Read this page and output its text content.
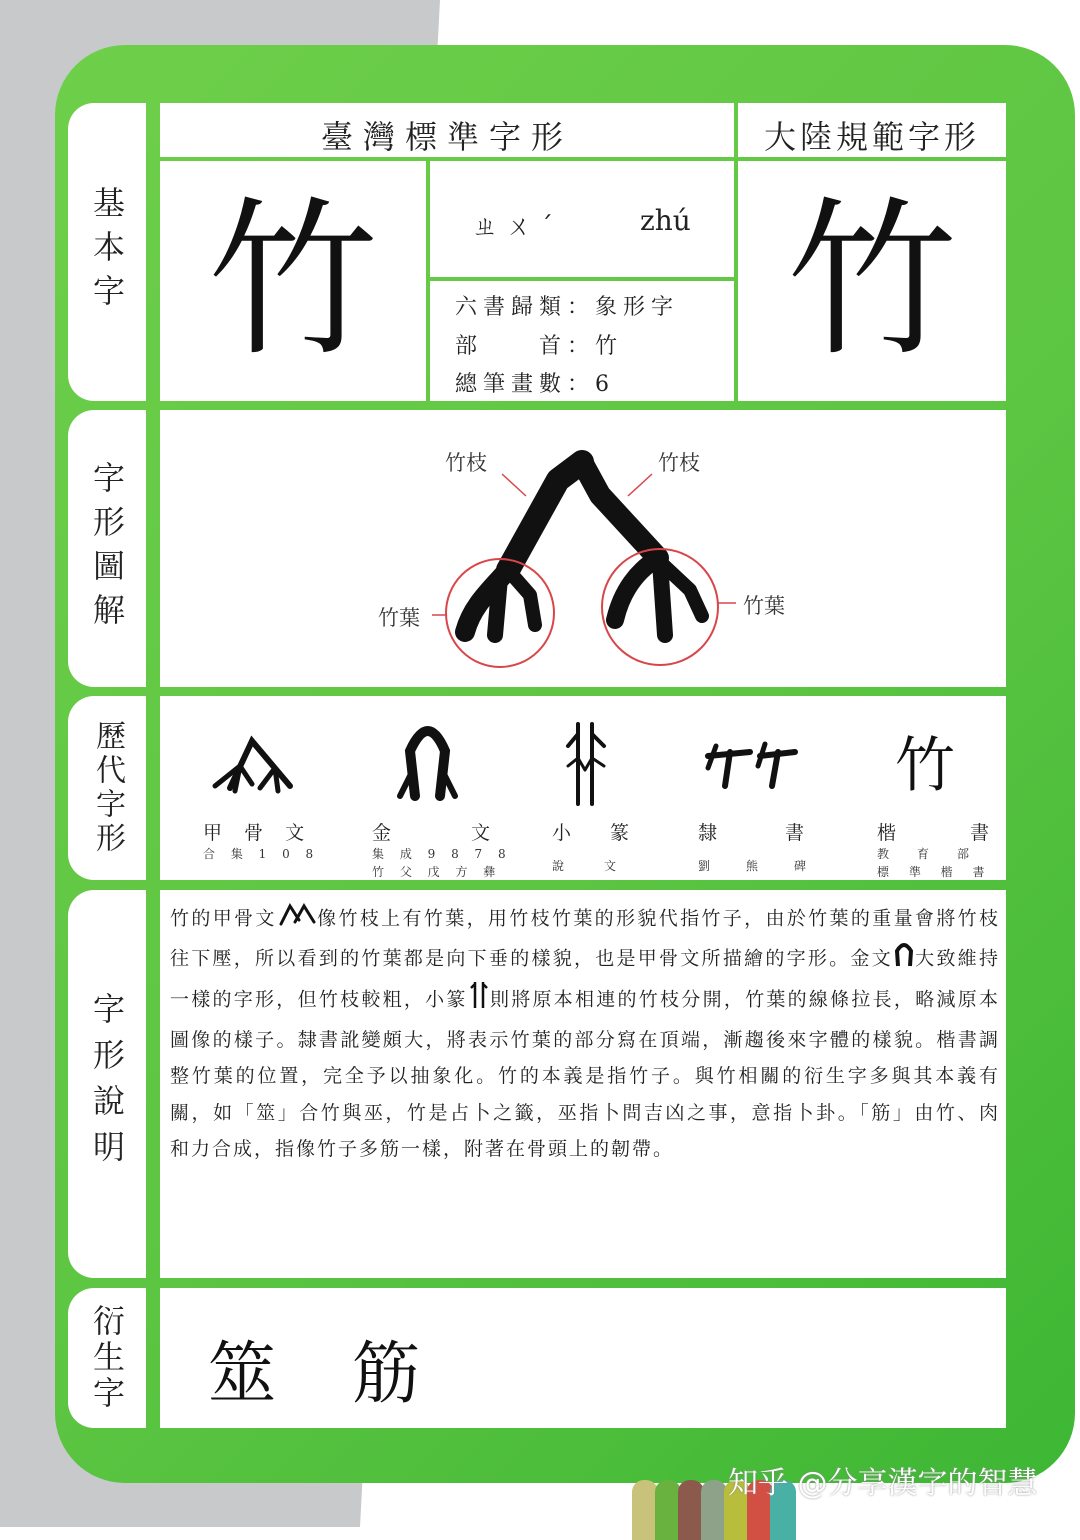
基本字
字形圖解
歷代字形
字形說明
衍生字
臺灣標準字形	大陸規範字形
竹	ㄓㄨˊ	zhú
六書歸類：象形字
部　　首：竹
總筆畫數：6
竹
竹枝	竹枝
竹葉	竹葉
竹
甲 骨 文
合 集 1 0 8
金　　文
集 成 9 8 7 8
竹 父 戊 方 彝
小　篆
說　文
隸　　書
劉　熊　碑
楷　　書
教　育　部
標 準 楷 書
竹的甲骨文 像竹枝上有竹葉，用竹枝竹葉的形貌代指竹子，由於竹葉的重量會將竹枝往下壓，所以看到的竹葉都是向下垂的樣貌，也是甲骨文所描繪的字形。金文 大致維持一樣的字形，但竹枝較粗，小篆 則將原本相連的竹枝分開，竹葉的線條拉長，略減原本圖像的樣子。隸書訛變頗大，將表示竹葉的部分寫在頂端，漸趨後來字體的樣貌。楷書調整竹葉的位置，完全予以抽象化。竹的本義是指竹子。與竹相關的衍生字多與其本義有關，如「筮」合竹與巫，竹是占卜之籤，巫指卜問吉凶之事，意指卜卦。「筋」由竹、肉和力合成，指像竹子多筋一樣，附著在骨頭上的韌帶。
筮 筋
知乎 @分享漢字的智慧
